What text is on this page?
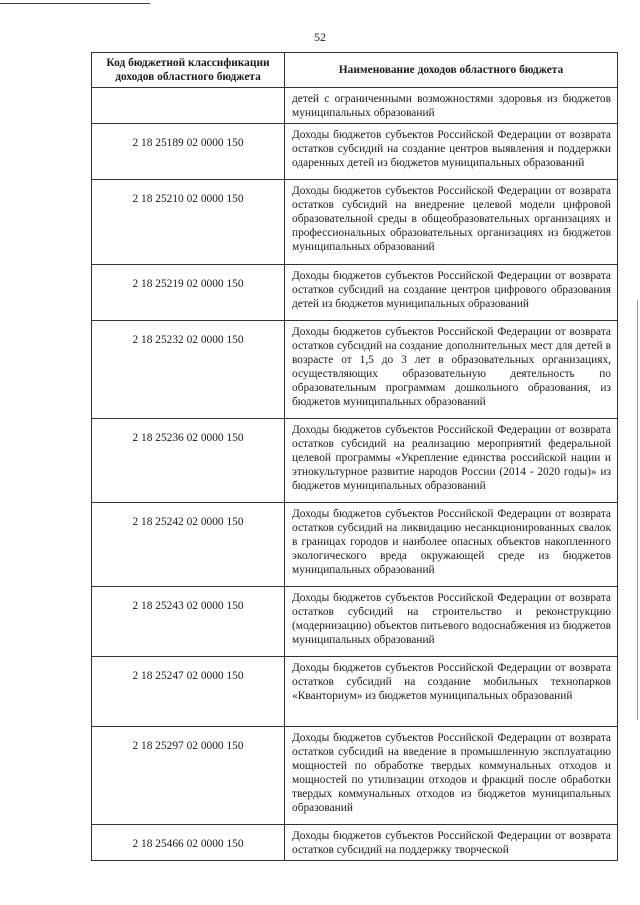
52
Код бюджетной классификации доходов областного бюджета	Наименование доходов областного бюджета
	детей с ограниченными возможностями здоровья из бюджетов муниципальных образований
2 18 25189 02 0000 150	Доходы бюджетов субъектов Российской Федерации от возврата остатков субсидий на создание центров выявления и поддержки одаренных детей из бюджетов муниципальных образований
2 18 25210 02 0000 150	Доходы бюджетов субъектов Российской Федерации от возврата остатков субсидий на внедрение целевой модели цифровой образовательной среды в общеобразовательных организациях и профессиональных образовательных организациях из бюджетов муниципальных образований
2 18 25219 02 0000 150	Доходы бюджетов субъектов Российской Федерации от возврата остатков субсидий на создание центров цифрового образования детей из бюджетов муниципальных образований
2 18 25232 02 0000 150	Доходы бюджетов субъектов Российской Федерации от возврата остатков субсидий на создание дополнительных мест для детей в возрасте от 1,5 до 3 лет в образовательных организациях, осуществляющих образовательную деятельность по образовательным программам дошкольного образования, из бюджетов муниципальных образований
2 18 25236 02 0000 150	Доходы бюджетов субъектов Российской Федерации от возврата остатков субсидий на реализацию мероприятий федеральной целевой программы «Укрепление единства российской нации и этнокультурное развитие народов России (2014 - 2020 годы)» из бюджетов муниципальных образований
2 18 25242 02 0000 150	Доходы бюджетов субъектов Российской Федерации от возврата остатков субсидий на ликвидацию несанкционированных свалок в границах городов и наиболее опасных объектов накопленного экологического вреда окружающей среде из бюджетов муниципальных образований
2 18 25243 02 0000 150	Доходы бюджетов субъектов Российской Федерации от возврата остатков субсидий на строительство и реконструкцию (модернизацию) объектов питьевого водоснабжения из бюджетов муниципальных образований
2 18 25247 02 0000 150	Доходы бюджетов субъектов Российской Федерации от возврата остатков субсидий на создание мобильных технопарков «Кванториум» из бюджетов муниципальных образований
2 18 25297 02 0000 150	Доходы бюджетов субъектов Российской Федерации от возврата остатков субсидий на введение в промышленную эксплуатацию мощностей по обработке твердых коммунальных отходов и мощностей по утилизации отходов и фракций после обработки твердых коммунальных отходов из бюджетов муниципальных образований
2 18 25466 02 0000 150	Доходы бюджетов субъектов Российской Федерации от возврата остатков субсидий на поддержку творческой
